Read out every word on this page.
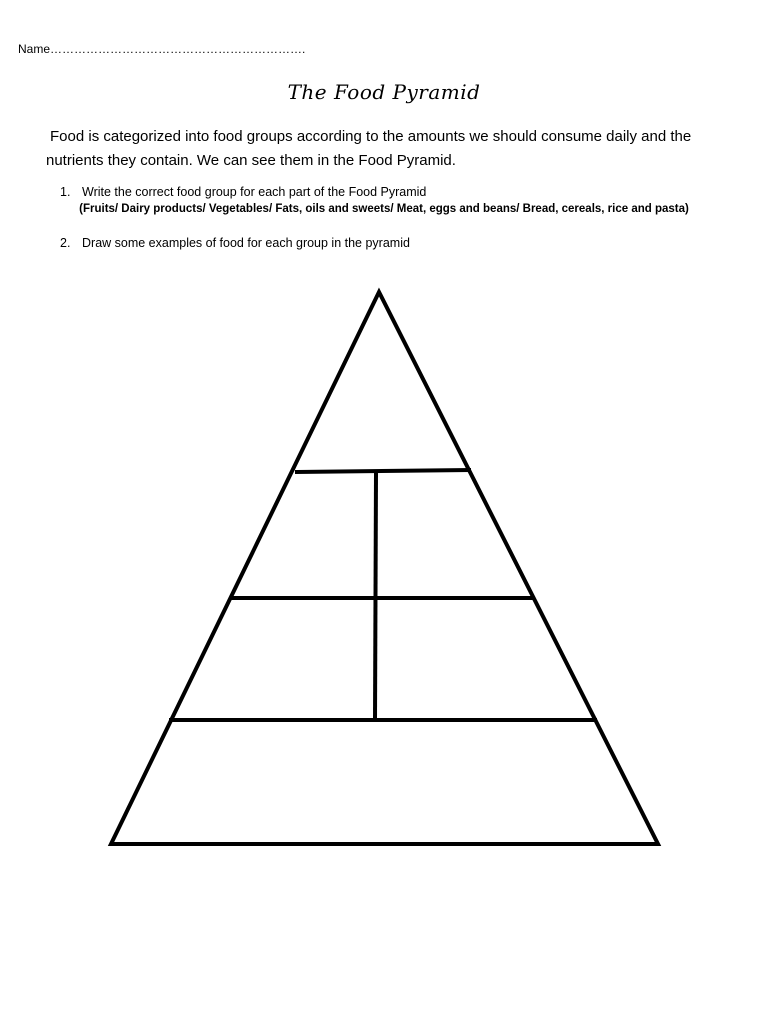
Name……………………………………………………….
The Food Pyramid
Food is categorized into food groups according to the amounts we should consume daily and the nutrients they contain. We can see them in the Food Pyramid.
1. Write the correct food group for each part of the Food Pyramid
(Fruits/ Dairy products/ Vegetables/ Fats, oils and sweets/ Meat, eggs and beans/ Bread, cereals, rice and pasta)
2. Draw some examples of food for each group in the pyramid
